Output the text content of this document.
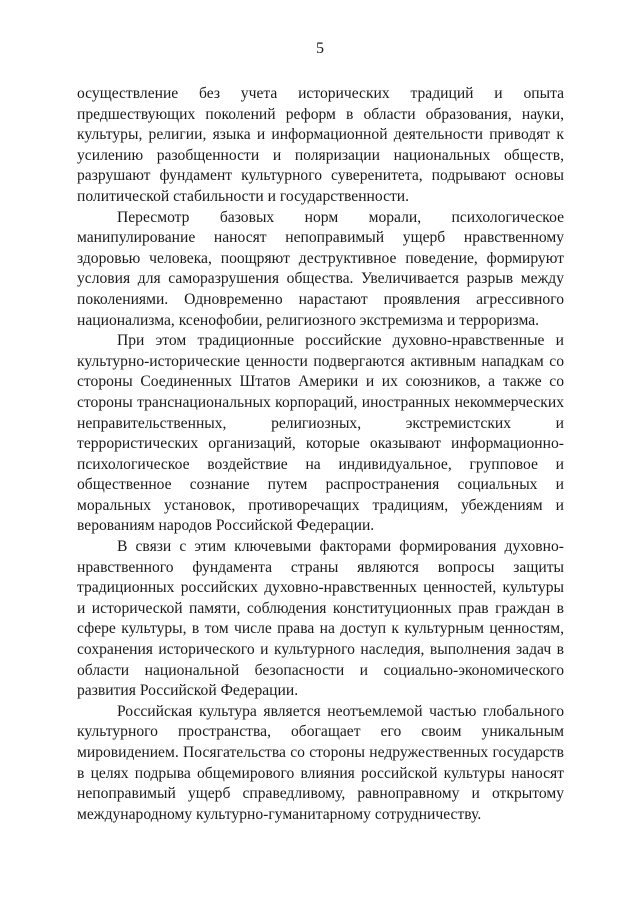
5

осуществление без учета исторических традиций и опыта предшествующих поколений реформ в области образования, науки, культуры, религии, языка и информационной деятельности приводят к усилению разобщенности и поляризации национальных обществ, разрушают фундамент культурного суверенитета, подрывают основы политической стабильности и государственности.

Пересмотр базовых норм морали, психологическое манипулирование наносят непоправимый ущерб нравственному здоровью человека, поощряют деструктивное поведение, формируют условия для саморазрушения общества. Увеличивается разрыв между поколениями. Одновременно нарастают проявления агрессивного национализма, ксенофобии, религиозного экстремизма и терроризма.

При этом традиционные российские духовно-нравственные и культурно-исторические ценности подвергаются активным нападкам со стороны Соединенных Штатов Америки и их союзников, а также со стороны транснациональных корпораций, иностранных некоммерческих неправительственных, религиозных, экстремистских и террористических организаций, которые оказывают информационно-психологическое воздействие на индивидуальное, групповое и общественное сознание путем распространения социальных и моральных установок, противоречащих традициям, убеждениям и верованиям народов Российской Федерации.

В связи с этим ключевыми факторами формирования духовно-нравственного фундамента страны являются вопросы защиты традиционных российских духовно-нравственных ценностей, культуры и исторической памяти, соблюдения конституционных прав граждан в сфере культуры, в том числе права на доступ к культурным ценностям, сохранения исторического и культурного наследия, выполнения задач в области национальной безопасности и социально-экономического развития Российской Федерации.

Российская культура является неотъемлемой частью глобального культурного пространства, обогащает его своим уникальным мировидением. Посягательства со стороны недружественных государств в целях подрыва общемирового влияния российской культуры наносят непоправимый ущерб справедливому, равноправному и открытому международному культурно-гуманитарному сотрудничеству.
